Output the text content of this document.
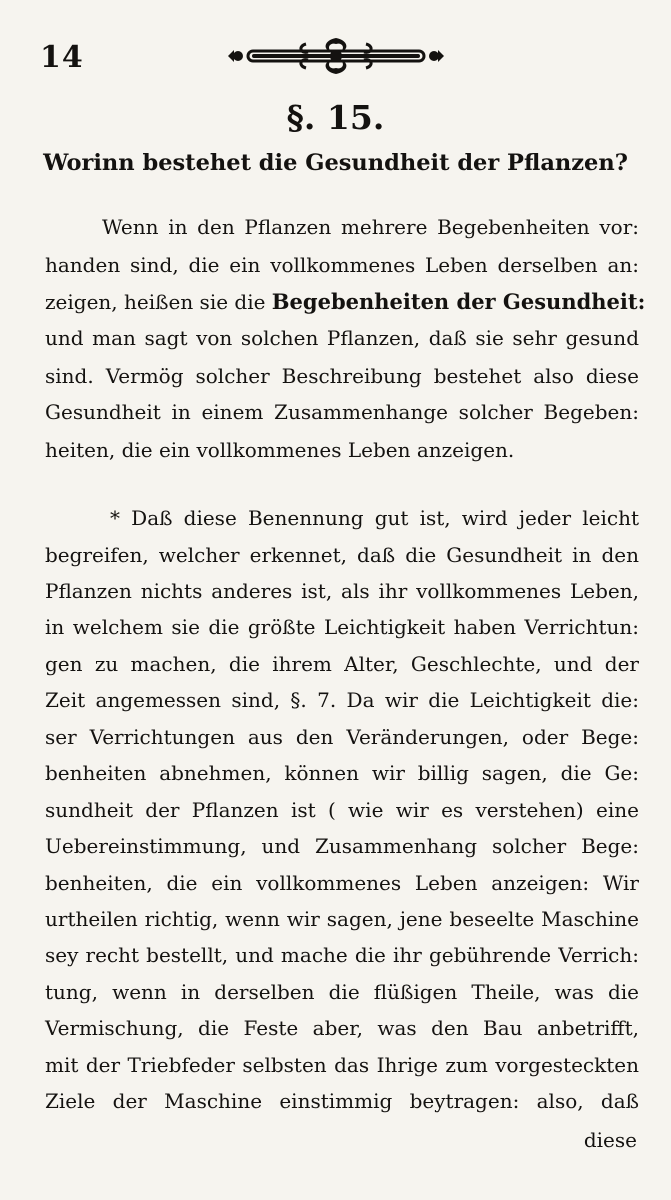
14
§. 15.
Worinn bestehet die Gesundheit der Pflanzen?
Wenn in den Pflanzen mehrere Begebenheiten vor:
handen sind, die ein vollkommenes Leben derselben an:
zeigen, heißen sie die Begebenheiten der Gesundheit:
und man sagt von solchen Pflanzen, daß sie sehr gesund
sind. Vermög solcher Beschreibung bestehet also diese
Gesundheit in einem Zusammenhange solcher Begeben:
heiten, die ein vollkommenes Leben anzeigen.
* Daß diese Benennung gut ist, wird jeder leicht
begreifen, welcher erkennet, daß die Gesundheit in den
Pflanzen nichts anderes ist, als ihr vollkommenes Leben,
in welchem sie die größte Leichtigkeit haben Verrichtun:
gen zu machen, die ihrem Alter, Geschlechte, und der
Zeit angemessen sind, §. 7. Da wir die Leichtigkeit die:
ser Verrichtungen aus den Veränderungen, oder Bege:
benheiten abnehmen, können wir billig sagen, die Ge:
sundheit der Pflanzen ist ( wie wir es verstehen) eine
Uebereinstimmung, und Zusammenhang solcher Bege:
benheiten, die ein vollkommenes Leben anzeigen: Wir
urtheilen richtig, wenn wir sagen, jene beseelte Maschine
sey recht bestellt, und mache die ihr gebührende Verrich:
tung, wenn in derselben die flüßigen Theile, was die
Vermischung, die Feste aber, was den Bau anbetrifft,
mit der Triebfeder selbsten das Ihrige zum vorgesteckten
Ziele der Maschine einstimmig beytragen: also, daß
diese
